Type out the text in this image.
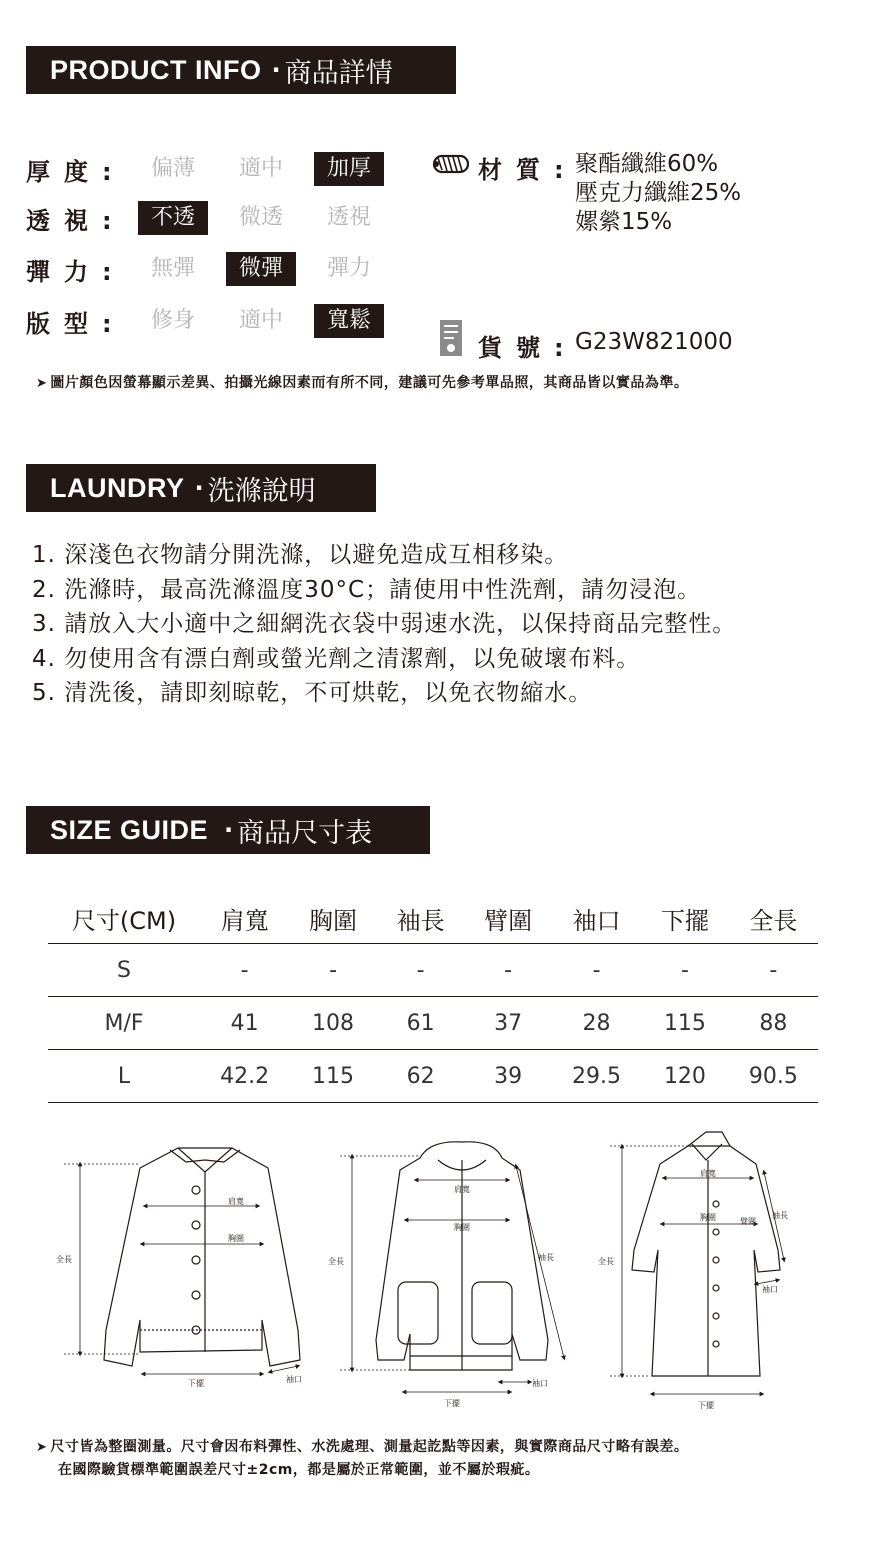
PRODUCT INFO · 商品詳情
厚度:	偏薄	適中	加厚
透視:	不透	微透	透視
彈力:	無彈	微彈	彈力
版型:	修身	適中	寬鬆
材質:
聚酯纖維60%
壓克力纖維25%
嫘縈15%
貨號:
G23W821000
➤ 圖片顏色因螢幕顯示差異、拍攝光線因素而有所不同，建議可先參考單品照，其商品皆以實品為準。
LAUNDRY · 洗滌說明
1. 深淺色衣物請分開洗滌，以避免造成互相移染。
2. 洗滌時，最高洗滌溫度30°C；請使用中性洗劑，請勿浸泡。
3. 請放入大小適中之細網洗衣袋中弱速水洗，以保持商品完整性。
4. 勿使用含有漂白劑或螢光劑之清潔劑，以免破壞布料。
5. 清洗後，請即刻晾乾，不可烘乾，以免衣物縮水。
SIZE GUIDE · 商品尺寸表
尺寸(CM)	肩寬	胸圍	袖長	臂圍	袖口	下擺	全長
S	-	-	-	-	-	-	-
M/F	41	108	61	37	28	115	88
L	42.2	115	62	39	29.5	120	90.5
肩寬
胸圍
全長
下擺	袖口
肩寬
胸圍
全長	袖長
袖口
下擺
肩寬
胸圍	臂圍
袖長
袖口
全長
下擺
➤ 尺寸皆為整圈測量。尺寸會因布料彈性、水洗處理、測量起訖點等因素，與實際商品尺寸略有誤差。
在國際驗貨標準範圍誤差尺寸±2cm，都是屬於正常範圍，並不屬於瑕疵。
